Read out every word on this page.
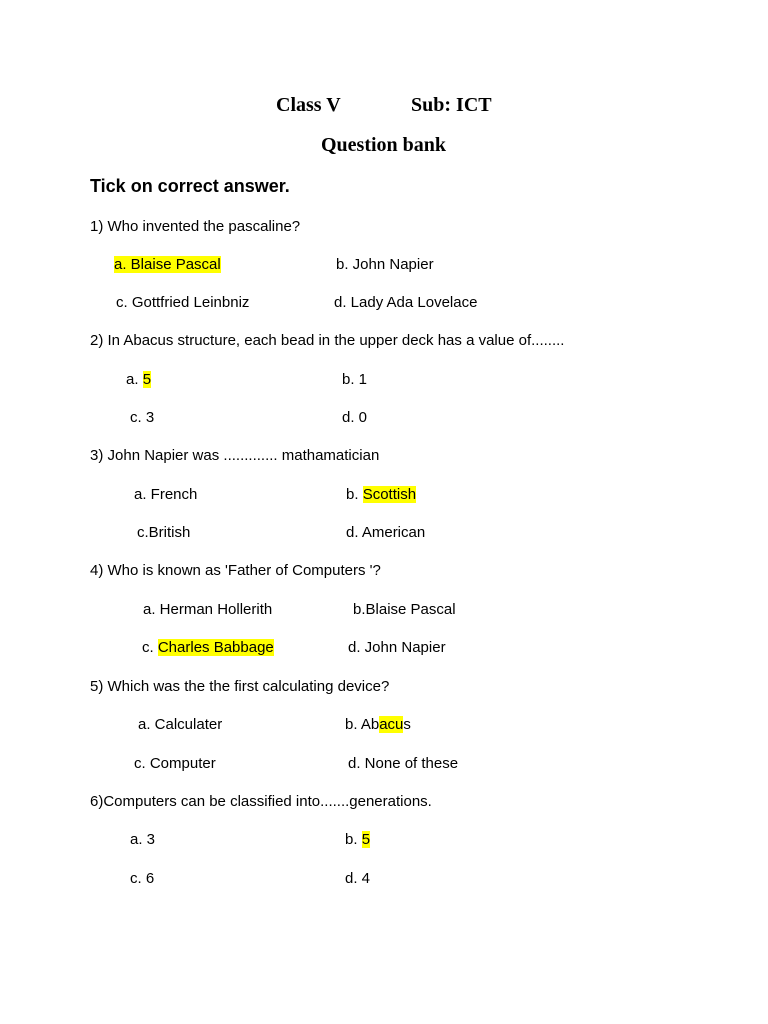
Class V	Sub: ICT
Question bank
Tick on correct answer.
1) Who invented the pascaline?
a. Blaise Pascal	b. John Napier
c. Gottfried Leinbniz	d. Lady Ada Lovelace
2) In Abacus structure, each bead in the upper deck has a value of........
a. 5	b. 1
c. 3	d. 0
3) John Napier was ............. mathamatician
a. French	b. Scottish
c.British	d. American
4) Who is known as 'Father of Computers '?
a. Herman Hollerith	b.Blaise Pascal
c. Charles Babbage	d. John Napier
5) Which was the the first calculating device?
a. Calculater	b. Abacus
c. Computer	d. None of these
6)Computers can be classified into.......generations.
a. 3	b. 5
c. 6	d. 4
